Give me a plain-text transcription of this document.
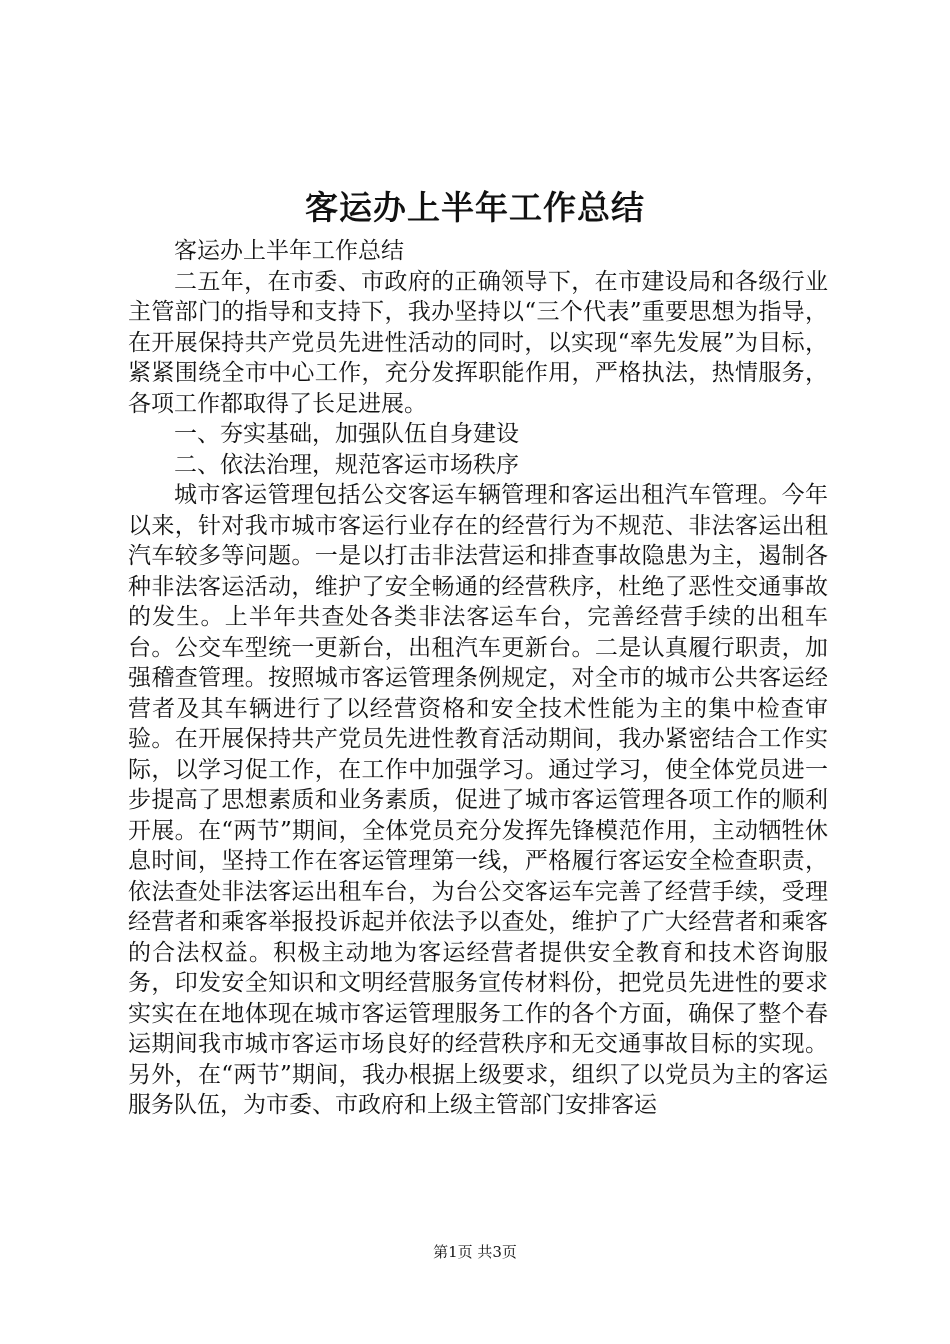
客运办上半年工作总结

客运办上半年工作总结

二五年，在市委、市政府的正确领导下，在市建设局和各级行业主管部门的指导和支持下，我办坚持以“三个代表”重要思想为指导，在开展保持共产党员先进性活动的同时，以实现“率先发展”为目标，紧紧围绕全市中心工作，充分发挥职能作用，严格执法，热情服务，各项工作都取得了长足进展。

一、夯实基础，加强队伍自身建设

二、依法治理，规范客运市场秩序

城市客运管理包括公交客运车辆管理和客运出租汽车管理。今年以来，针对我市城市客运行业存在的经营行为不规范、非法客运出租汽车较多等问题。一是以打击非法营运和排查事故隐患为主，遏制各种非法客运活动，维护了安全畅通的经营秩序，杜绝了恶性交通事故的发生。上半年共查处各类非法客运车台，完善经营手续的出租车台。公交车型统一更新台，出租汽车更新台。二是认真履行职责，加强稽查管理。按照城市客运管理条例规定，对全市的城市公共客运经营者及其车辆进行了以经营资格和安全技术性能为主的集中检查审验。在开展保持共产党员先进性教育活动期间，我办紧密结合工作实际，以学习促工作，在工作中加强学习。通过学习，使全体党员进一步提高了思想素质和业务素质，促进了城市客运管理各项工作的顺利开展。在“两节”期间，全体党员充分发挥先锋模范作用，主动牺牲休息时间，坚持工作在客运管理第一线，严格履行客运安全检查职责，依法查处非法客运出租车台，为台公交客运车完善了经营手续，受理经营者和乘客举报投诉起并依法予以查处，维护了广大经营者和乘客的合法权益。积极主动地为客运经营者提供安全教育和技术咨询服务，印发安全知识和文明经营服务宣传材料份，把党员先进性的要求实实在在地体现在城市客运管理服务工作的各个方面，确保了整个春运期间我市城市客运市场良好的经营秩序和无交通事故目标的实现。另外，在“两节”期间，我办根据上级要求，组织了以党员为主的客运服务队伍，为市委、市政府和上级主管部门安排客运

第1页 共3页
